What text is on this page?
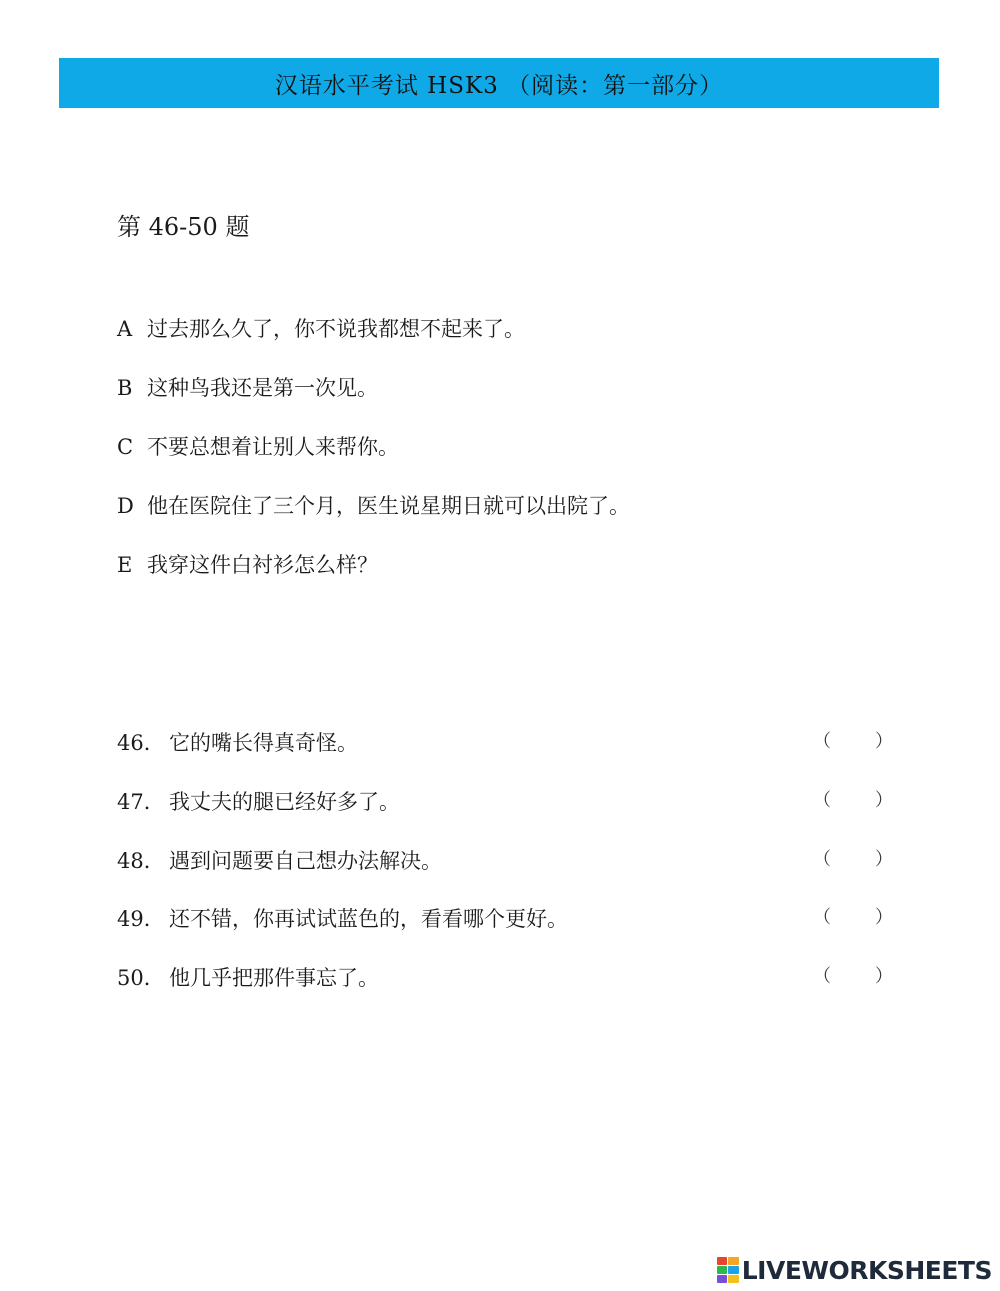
汉语水平考试 HSK3 （阅读：第一部分）
第 46-50 题
A 过去那么久了，你不说我都想不起来了。
B 这种鸟我还是第一次见。
C 不要总想着让别人来帮你。
D 他在医院住了三个月，医生说星期日就可以出院了。
E 我穿这件白衬衫怎么样？
46． 它的嘴长得真奇怪。	（ ）
47． 我丈夫的腿已经好多了。	（ ）
48． 遇到问题要自己想办法解决。	（ ）
49． 还不错，你再试试蓝色的，看看哪个更好。	（ ）
50． 他几乎把那件事忘了。	（ ）
LIVEWORKSHEETS
